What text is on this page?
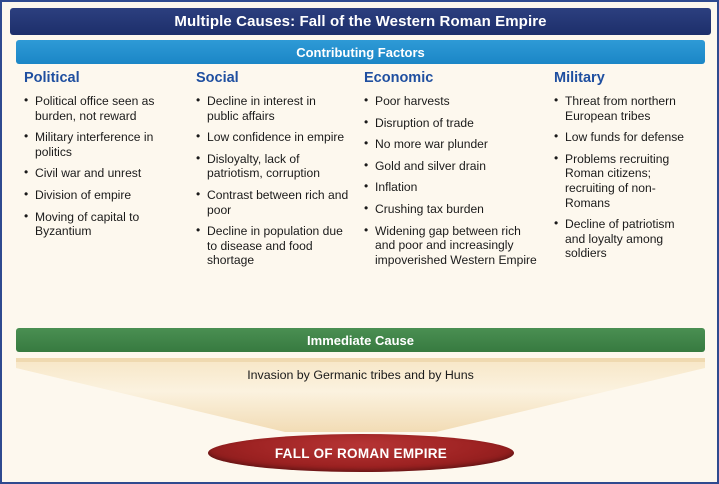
Multiple Causes: Fall of the Western Roman Empire
Contributing Factors
Political
• Political office seen as burden, not reward
• Military interference in politics
• Civil war and unrest
• Division of empire
• Moving of capital to Byzantium
Social
• Decline in interest in public affairs
• Low confidence in empire
• Disloyalty, lack of patriotism, corruption
• Contrast between rich and poor
• Decline in population due to disease and food shortage
Economic
• Poor harvests
• Disruption of trade
• No more war plunder
• Gold and silver drain
• Inflation
• Crushing tax burden
• Widening gap between rich and poor and increasingly impoverished Western Empire
Military
• Threat from northern European tribes
• Low funds for defense
• Problems recruiting Roman citizens; recruiting of non-Romans
• Decline of patriotism and loyalty among soldiers
Immediate Cause
Invasion by Germanic tribes and by Huns
FALL OF ROMAN EMPIRE
